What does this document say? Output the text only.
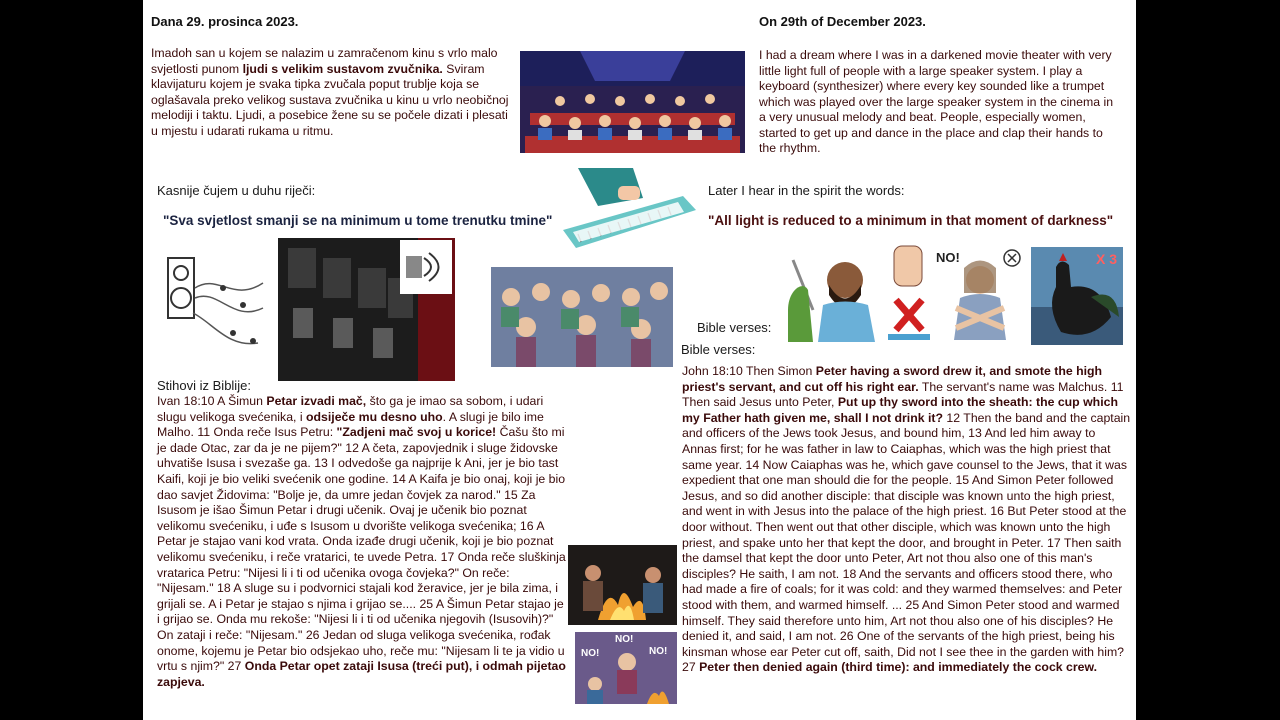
Dana 29. prosinca 2023.
Imadoh san u kojem se nalazim u zamračenom kinu s vrlo malo svjetlosti punom ljudi s velikim sustavom zvučnika. Sviram klavijaturu kojem je svaka tipka zvučala poput trublje koja se oglašavala preko velikog sustava zvučnika u kinu u vrlo neobičnoj melodiji i taktu. Ljudi, a posebice žene su se počele dizati i plesati u mjestu i udarati rukama u ritmu.
Kasnije čujem u duhu riječi:
"Sva svjetlost smanji se na minimum u tome trenutku tmine"
Stihovi iz Biblije:
Ivan 18:10 A Šimun Petar izvadi mač, što ga je imao sa sobom, i udari slugu velikoga svećenika, i odsiječe mu desno uho. A slugi je bilo ime Malho. 11 Onda reče Isus Petru: "Zadjeni mač svoj u korice! Čašu što mi je dade Otac, zar da je ne pijem?" 12 A četa, zapovjednik i sluge židovske uhvatiše Isusa i svezaše ga. 13 I odvedoše ga najprije k Ani, jer je bio tast Kaifi, koji je bio veliki svećenik one godine. 14 A Kaifa je bio onaj, koji je bio dao savjet Židovima: "Bolje je, da umre jedan čovjek za narod." 15 Za Isusom je išao Šimun Petar i drugi učenik. Ovaj je učenik bio poznat velikomu svećeniku, i uđe s Isusom u dvorište velikoga svećenika; 16 A Petar je stajao vani kod vrata. Onda izađe drugi učenik, koji je bio poznat velikomu svećeniku, i reče vratarici, te uvede Petra. 17 Onda reče sluškinja vratarica Petru: "Nijesi li i ti od učenika ovoga čovjeka?" On reče: "Nijesam." 18 A sluge su i podvornici stajali kod žeravice, jer je bila zima, i grijali se. A i Petar je stajao s njima i grijao se.... 25 A Šimun Petar stajao je i grijao se. Onda mu rekoše: "Nijesi li i ti od učenika njegovih (Isusovih)?" On zataji i reče: "Nijesam." 26 Jedan od sluga velikoga svećenika, rođak onome, kojemu je Petar bio odsjekao uho, reče mu: "Nijesam li te ja vidio u vrtu s njim?" 27 Onda Petar opet zataji Isusa (treći put), i odmah pijetao zapjeva.
On 29th of December 2023.
I had a dream where I was in a darkened movie theater with very little light full of people with a large speaker system. I play a keyboard (synthesizer) where every key sounded like a trumpet which was played over the large speaker system in the cinema in a very unusual melody and beat. People, especially women, started to get up and dance in the place and clap their hands to the rhythm.
Later I hear in the spirit the words:
"All light is reduced to a minimum in that moment of darkness"
Bible verses:
Bible verses:
John 18:10 Then Simon Peter having a sword drew it, and smote the high priest's servant, and cut off his right ear. The servant's name was Malchus. 11 Then said Jesus unto Peter, Put up thy sword into the sheath: the cup which my Father hath given me, shall I not drink it? 12 Then the band and the captain and officers of the Jews took Jesus, and bound him, 13 And led him away to Annas first; for he was father in law to Caiaphas, which was the high priest that same year. 14 Now Caiaphas was he, which gave counsel to the Jews, that it was expedient that one man should die for the people. 15 And Simon Peter followed Jesus, and so did another disciple: that disciple was known unto the high priest, and went in with Jesus into the palace of the high priest. 16 But Peter stood at the door without. Then went out that other disciple, which was known unto the high priest, and spake unto her that kept the door, and brought in Peter. 17 Then saith the damsel that kept the door unto Peter, Art not thou also one of this man's disciples? He saith, I am not. 18 And the servants and officers stood there, who had made a fire of coals; for it was cold: and they warmed themselves: and Peter stood with them, and warmed himself. ... 25 And Simon Peter stood and warmed himself. They said therefore unto him, Art not thou also one of his disciples? He denied it, and said, I am not. 26 One of the servants of the high priest, being his kinsman whose ear Peter cut off, saith, Did not I see thee in the garden with him? 27 Peter then denied again (third time): and immediately the cock crew.
NO!	X 3
NO!
NO!	NO!
